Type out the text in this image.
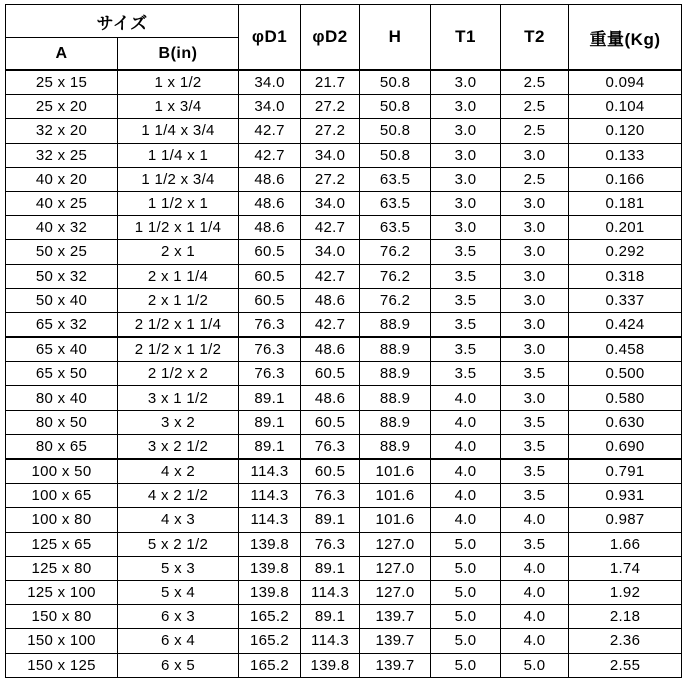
サイズ		φD1	φD2	H	T1	T2	重量(Kg)
A	B(in)						
25 x 15	1 x 1/2	34.0	21.7	50.8	3.0	2.5	0.094
25 x 20	1 x 3/4	34.0	27.2	50.8	3.0	2.5	0.104
32 x 20	1 1/4 x 3/4	42.7	27.2	50.8	3.0	2.5	0.120
32 x 25	1 1/4 x 1	42.7	34.0	50.8	3.0	3.0	0.133
40 x 20	1 1/2 x 3/4	48.6	27.2	63.5	3.0	2.5	0.166
40 x 25	1 1/2 x 1	48.6	34.0	63.5	3.0	3.0	0.181
40 x 32	1 1/2 x 1 1/4	48.6	42.7	63.5	3.0	3.0	0.201
50 x 25	2 x 1	60.5	34.0	76.2	3.5	3.0	0.292
50 x 32	2 x 1 1/4	60.5	42.7	76.2	3.5	3.0	0.318
50 x 40	2 x 1 1/2	60.5	48.6	76.2	3.5	3.0	0.337
65 x 32	2 1/2 x 1 1/4	76.3	42.7	88.9	3.5	3.0	0.424
65 x 40	2 1/2 x 1 1/2	76.3	48.6	88.9	3.5	3.0	0.458
65 x 50	2 1/2 x 2	76.3	60.5	88.9	3.5	3.5	0.500
80 x 40	3 x 1 1/2	89.1	48.6	88.9	4.0	3.0	0.580
80 x 50	3 x 2	89.1	60.5	88.9	4.0	3.5	0.630
80 x 65	3 x 2 1/2	89.1	76.3	88.9	4.0	3.5	0.690
100 x 50	4 x 2	114.3	60.5	101.6	4.0	3.5	0.791
100 x 65	4 x 2 1/2	114.3	76.3	101.6	4.0	3.5	0.931
100 x 80	4 x 3	114.3	89.1	101.6	4.0	4.0	0.987
125 x 65	5 x 2 1/2	139.8	76.3	127.0	5.0	3.5	1.66
125 x 80	5 x 3	139.8	89.1	127.0	5.0	4.0	1.74
125 x 100	5 x 4	139.8	114.3	127.0	5.0	4.0	1.92
150 x 80	6 x 3	165.2	89.1	139.7	5.0	4.0	2.18
150 x 100	6 x 4	165.2	114.3	139.7	5.0	4.0	2.36
150 x 125	6 x 5	165.2	139.8	139.7	5.0	5.0	2.55
